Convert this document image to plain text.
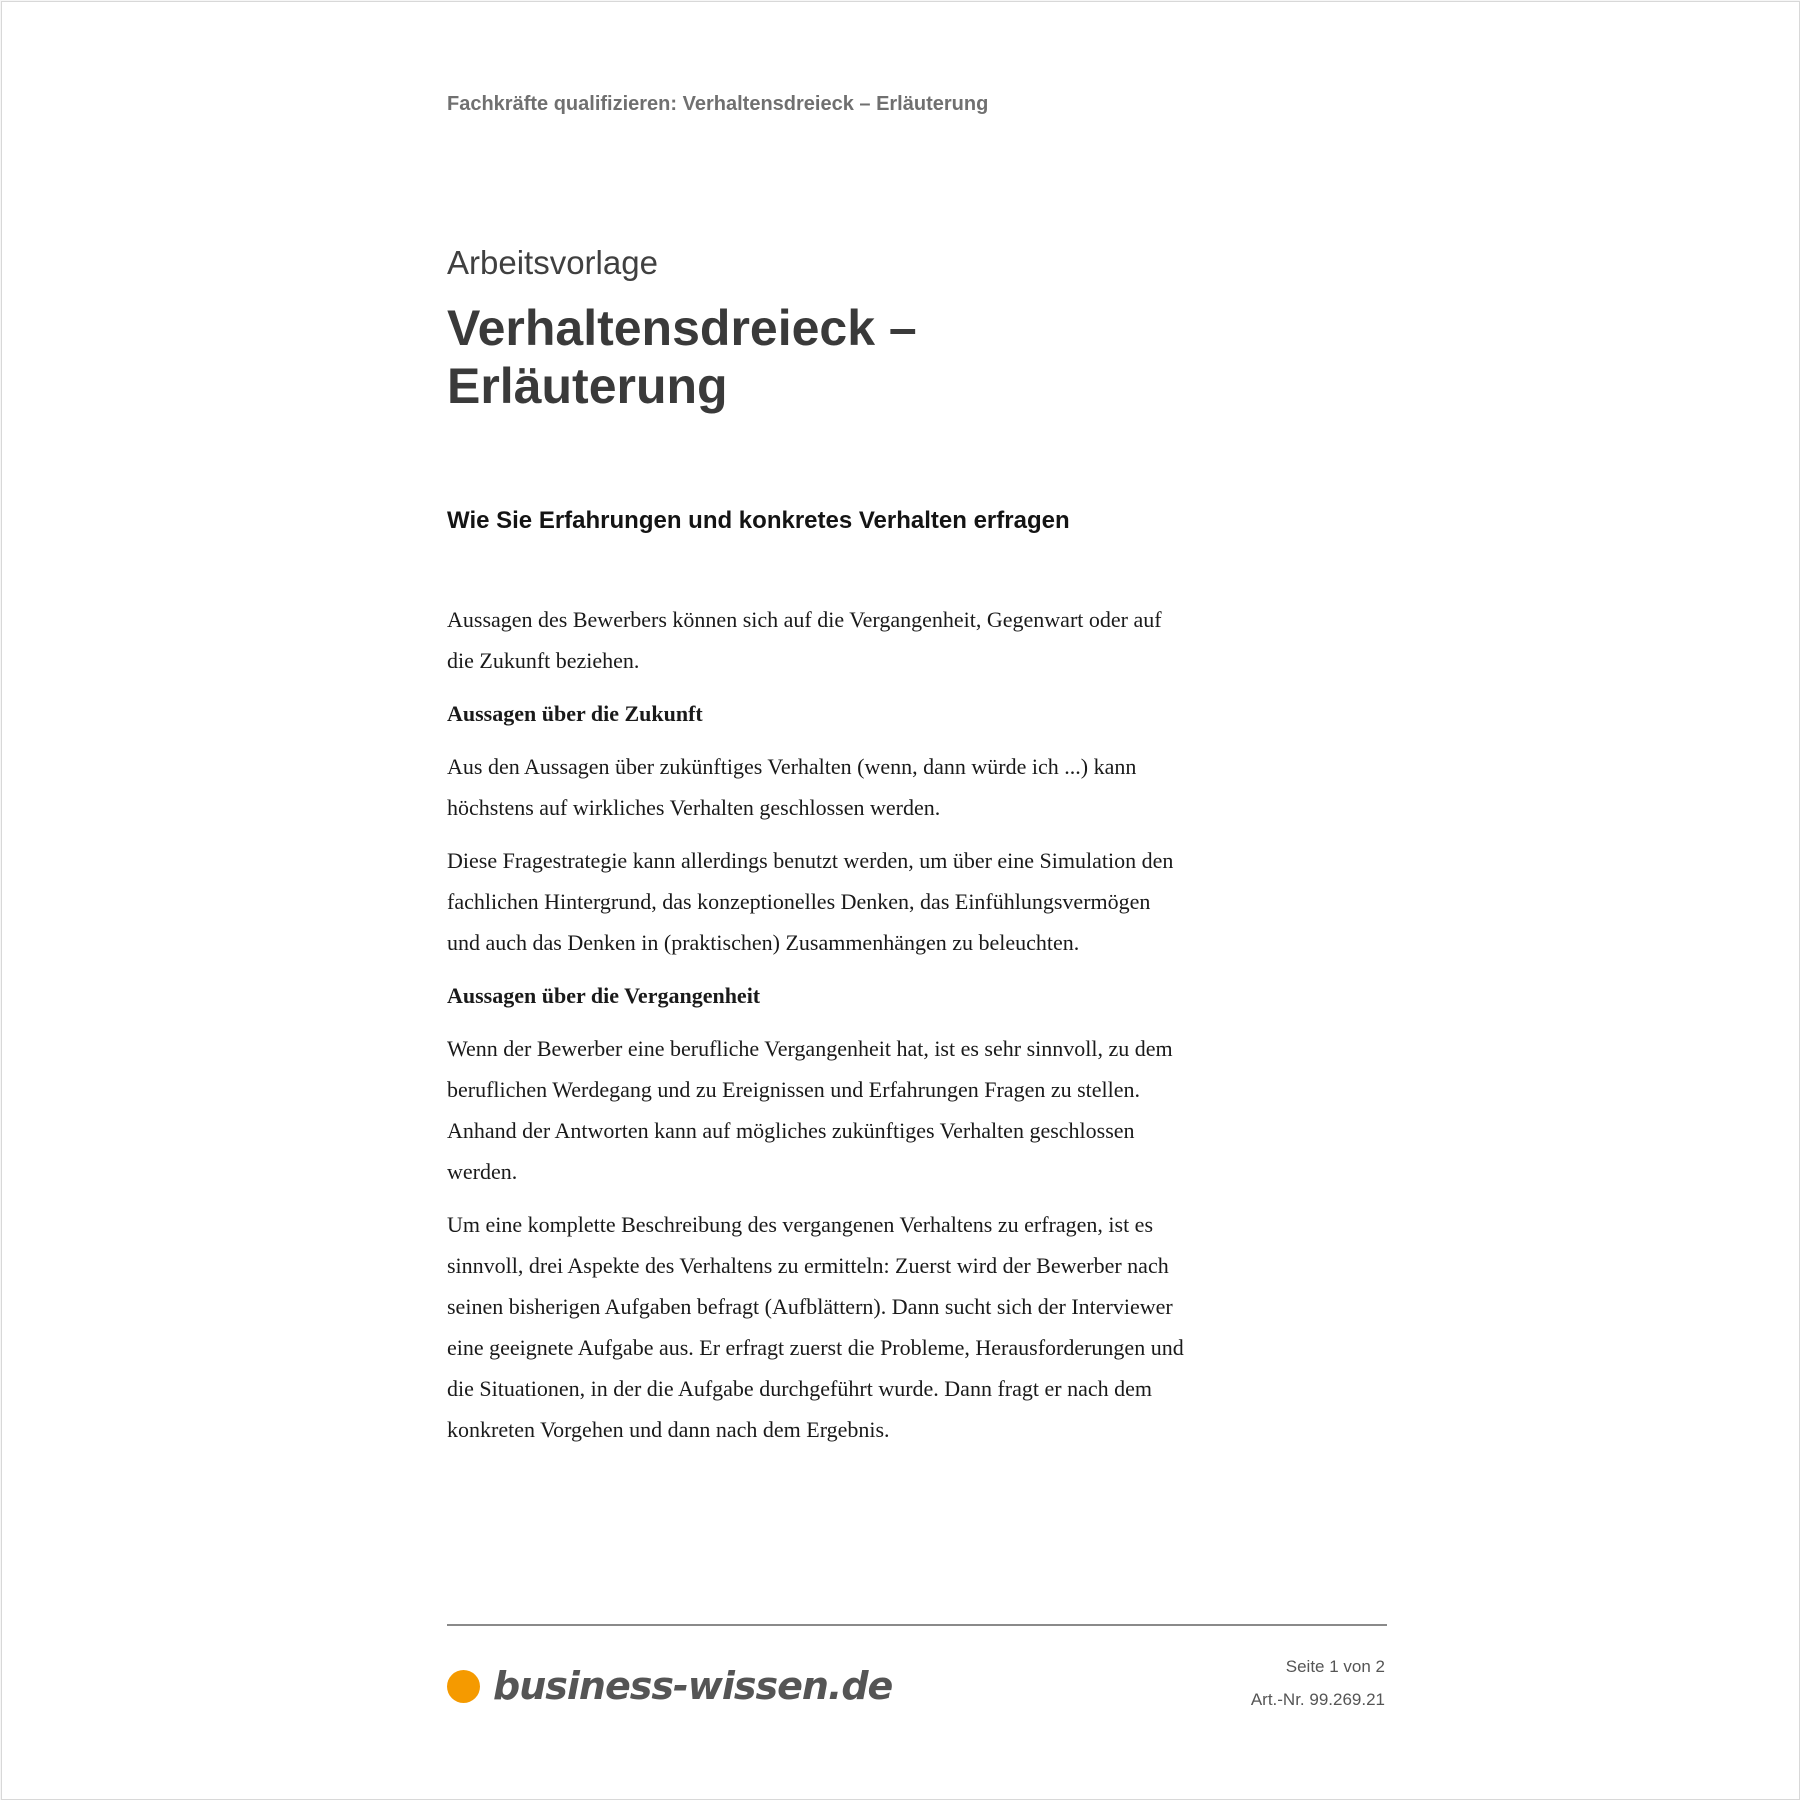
Fachkräfte qualifizieren: Verhaltensdreieck – Erläuterung

Arbeitsvorlage

Verhaltensdreieck –
Erläuterung
Wie Sie Erfahrungen und konkretes Verhalten erfragen

Aussagen des Bewerbers können sich auf die Vergangenheit, Gegenwart oder auf die Zukunft beziehen.

Aussagen über die Zukunft

Aus den Aussagen über zukünftiges Verhalten (wenn, dann würde ich ...) kann höchstens auf wirkliches Verhalten geschlossen werden.

Diese Fragestrategie kann allerdings benutzt werden, um über eine Simulation den fachlichen Hintergrund, das konzeptionelles Denken, das Einfühlungsvermögen und auch das Denken in (praktischen) Zusammenhängen zu beleuchten.

Aussagen über die Vergangenheit

Wenn der Bewerber eine berufliche Vergangenheit hat, ist es sehr sinnvoll, zu dem beruflichen Werdegang und zu Ereignissen und Erfahrungen Fragen zu stellen. Anhand der Antworten kann auf mögliches zukünftiges Verhalten geschlossen werden.

Um eine komplette Beschreibung des vergangenen Verhaltens zu erfragen, ist es sinnvoll, drei Aspekte des Verhaltens zu ermitteln: Zuerst wird der Bewerber nach seinen bisherigen Aufgaben befragt (Aufblättern). Dann sucht sich der Interviewer eine geeignete Aufgabe aus. Er erfragt zuerst die Probleme, Herausforderungen und die Situationen, in der die Aufgabe durchgeführt wurde. Dann fragt er nach dem konkreten Vorgehen und dann nach dem Ergebnis.

business-wissen.de	Seite 1 von 2
Art.-Nr. 99.269.21
